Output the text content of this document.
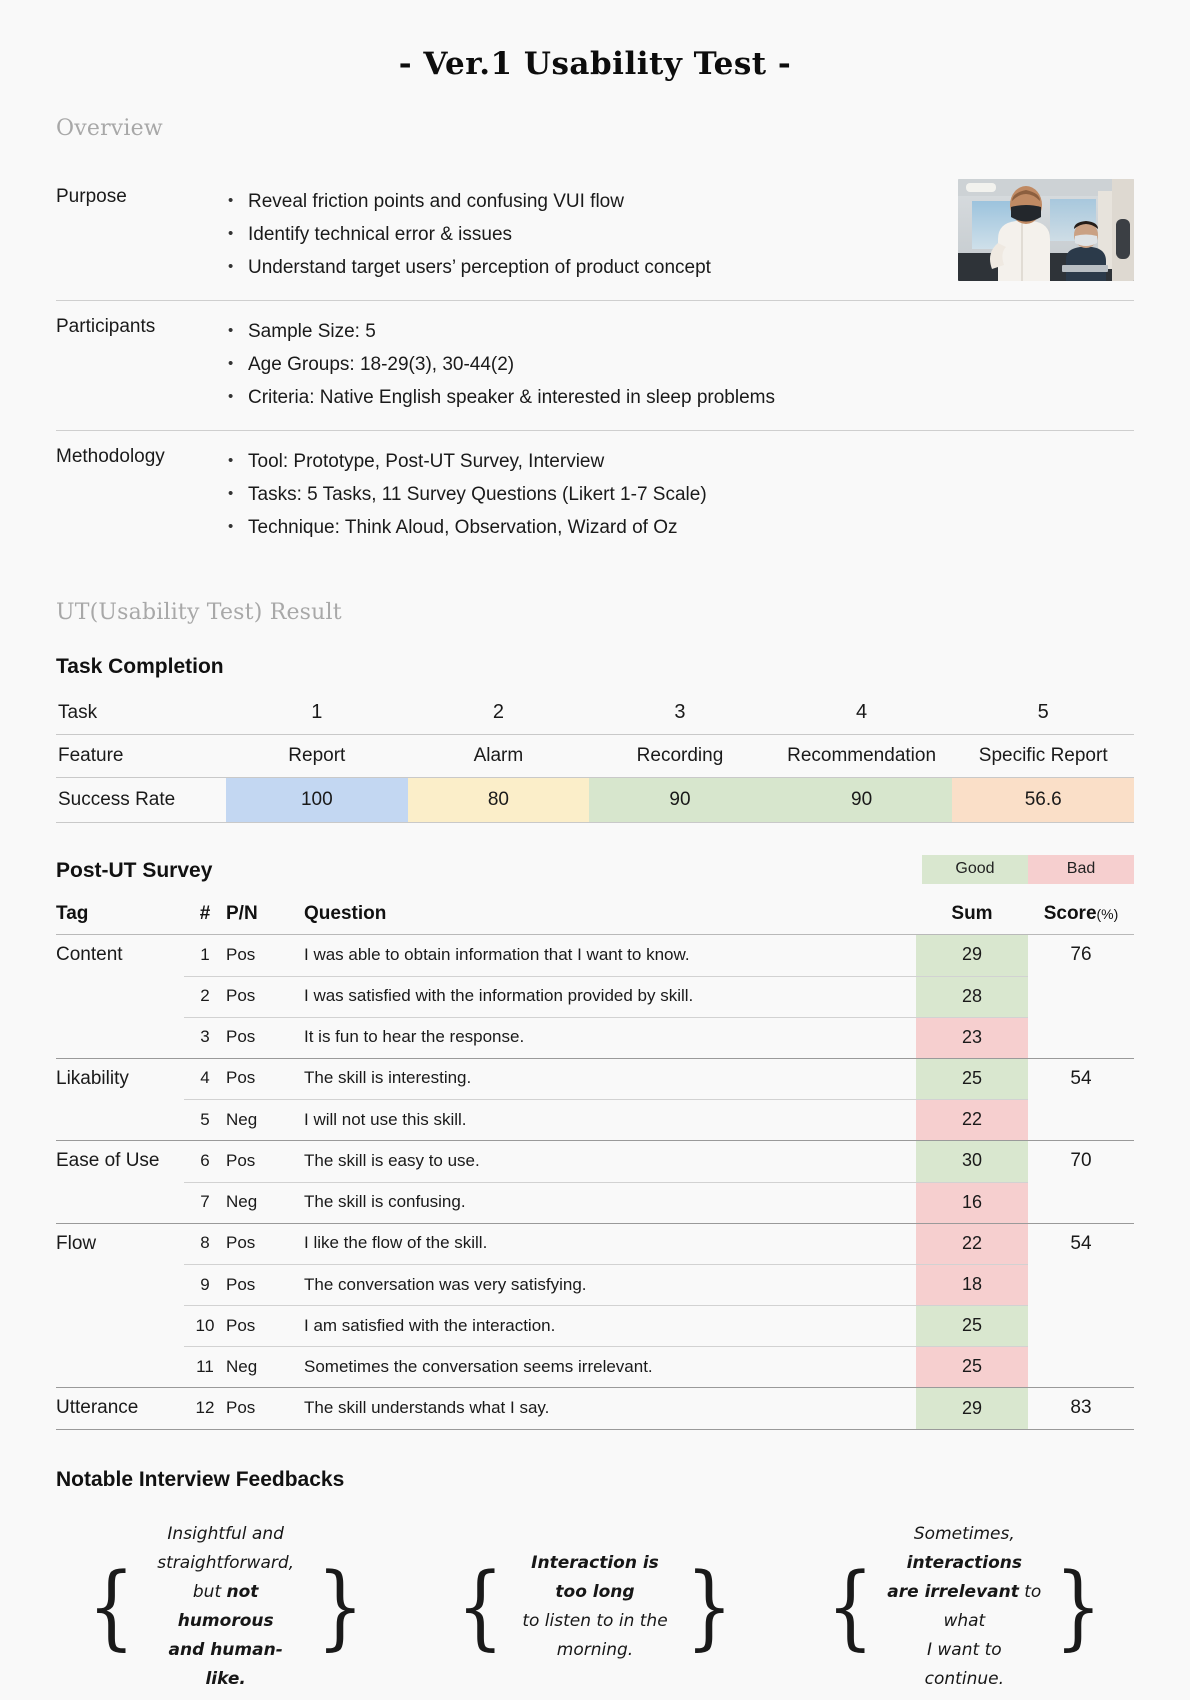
- Ver.1 Usability Test -
Overview
Purpose	• Reveal friction points and confusing VUI flow
• Identify technical error & issues
• Understand target users’ perception of product concept
Participants	• Sample Size: 5
• Age Groups: 18-29(3), 30-44(2)
• Criteria: Native English speaker & interested in sleep problems
Methodology	• Tool: Prototype, Post-UT Survey, Interview
• Tasks: 5 Tasks, 11 Survey Questions (Likert 1-7 Scale)
• Technique: Think Aloud, Observation, Wizard of Oz
UT(Usability Test) Result
Task Completion
Task	1	2	3	4	5
Feature	Report	Alarm	Recording	Recommendation	Specific Report
Success Rate	100	80	90	90	56.6
Post-UT Survey	Good	Bad
Tag	#	P/N	Question	Sum	Score(%)
Content	1	Pos	I was able to obtain information that I want to know.	29	76
	2	Pos	I was satisfied with the information provided by skill.	28	
	3	Pos	It is fun to hear the response.	23	
Likability	4	Pos	The skill is interesting.	25	54
	5	Neg	I will not use this skill.	22	
Ease of Use	6	Pos	The skill is easy to use.	30	70
	7	Neg	The skill is confusing.	16	
Flow	8	Pos	I like the flow of the skill.	22	54
	9	Pos	The conversation was very satisfying.	18	
	10	Pos	I am satisfied with the interaction.	25	
	11	Neg	Sometimes the conversation seems irrelevant.	25	
Utterance	12	Pos	The skill understands what I say.	29	83
Notable Interview Feedbacks
{
Insightful and straightforward,
but not humorous
and human-like.
} {	Interaction is too long
to listen to in the morning. } {
Sometimes, interactions
are irrelevant to what
I want to continue.
}
